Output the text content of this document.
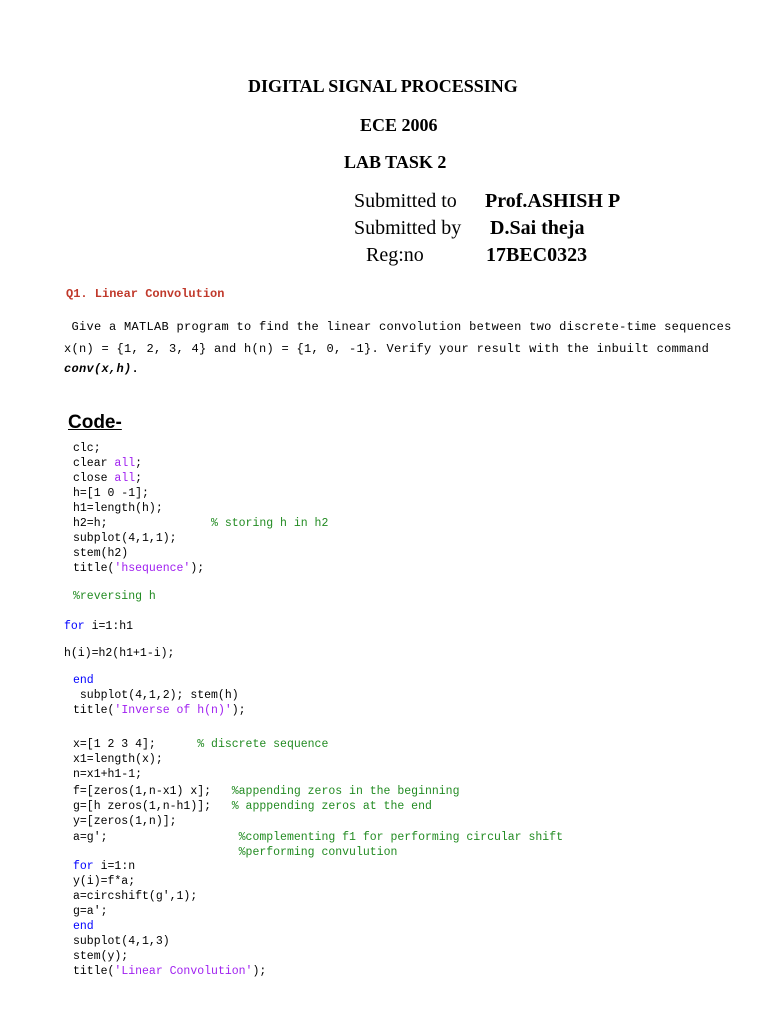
DIGITAL SIGNAL PROCESSING
ECE 2006
LAB TASK 2
Submitted to Prof.ASHISH P
Submitted by D.Sai theja
Reg:no	17BEC0323
Q1. Linear Convolution
Give a MATLAB program to find the linear convolution between two discrete-time sequences
x(n) = {1, 2, 3, 4} and h(n) = {1, 0, -1}. Verify your result with the inbuilt command
conv(x,h).
Code-
clc;
clear all;
close all;
h=[1 0 -1];
h1=length(h);
h2=h;               % storing h in h2
subplot(4,1,1);
stem(h2)
title('hsequence');
%reversing h
for i=1:h1
h(i)=h2(h1+1-i);
end
subplot(4,1,2); stem(h)
title('Inverse of h(n)');
x=[1 2 3 4];      % discrete sequence
x1=length(x);
n=x1+h1-1;
f=[zeros(1,n-x1) x];   %appending zeros in the beginning
g=[h zeros(1,n-h1)];   % apppending zeros at the end
y=[zeros(1,n)];
a=g';                   %complementing f1 for performing circular shift
%performing convulution
for i=1:n
y(i)=f*a;
a=circshift(g',1);
g=a';
end
subplot(4,1,3)
stem(y);
title('Linear Convolution');
